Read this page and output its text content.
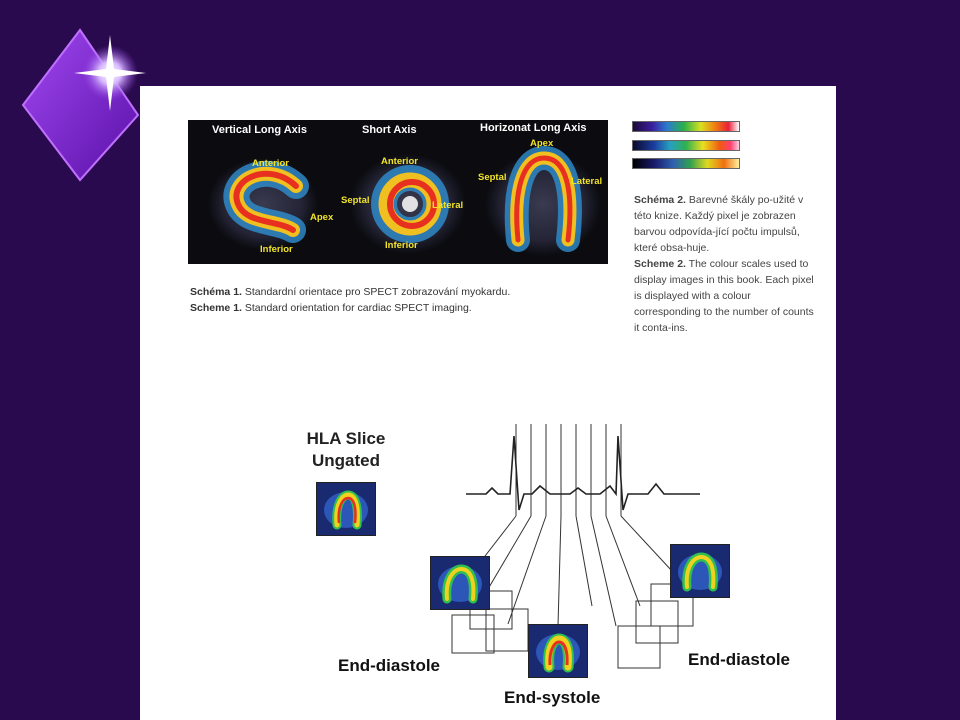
Vertical Long Axis	Short Axis	Horizonat Long Axis
Anterior
Apex
Inferior
Anterior
Septal	Lateral
Inferior
Apex
Septal	Lateral
Schéma 1. Standardní orientace pro SPECT zobrazování myokardu.
Scheme 1. Standard orientation for cardiac SPECT imaging.
Schéma 2. Barevné škály po-užité v této knize. Každý pixel je zobrazen barvou odpovída-jící počtu impulsů, které obsa-huje.
Scheme 2. The colour scales used to display images in this book. Each pixel is displayed with a colour corresponding to the number of counts it conta-ins.
HLA Slice
Ungated
End-diastole
End-systole
End-diastole
